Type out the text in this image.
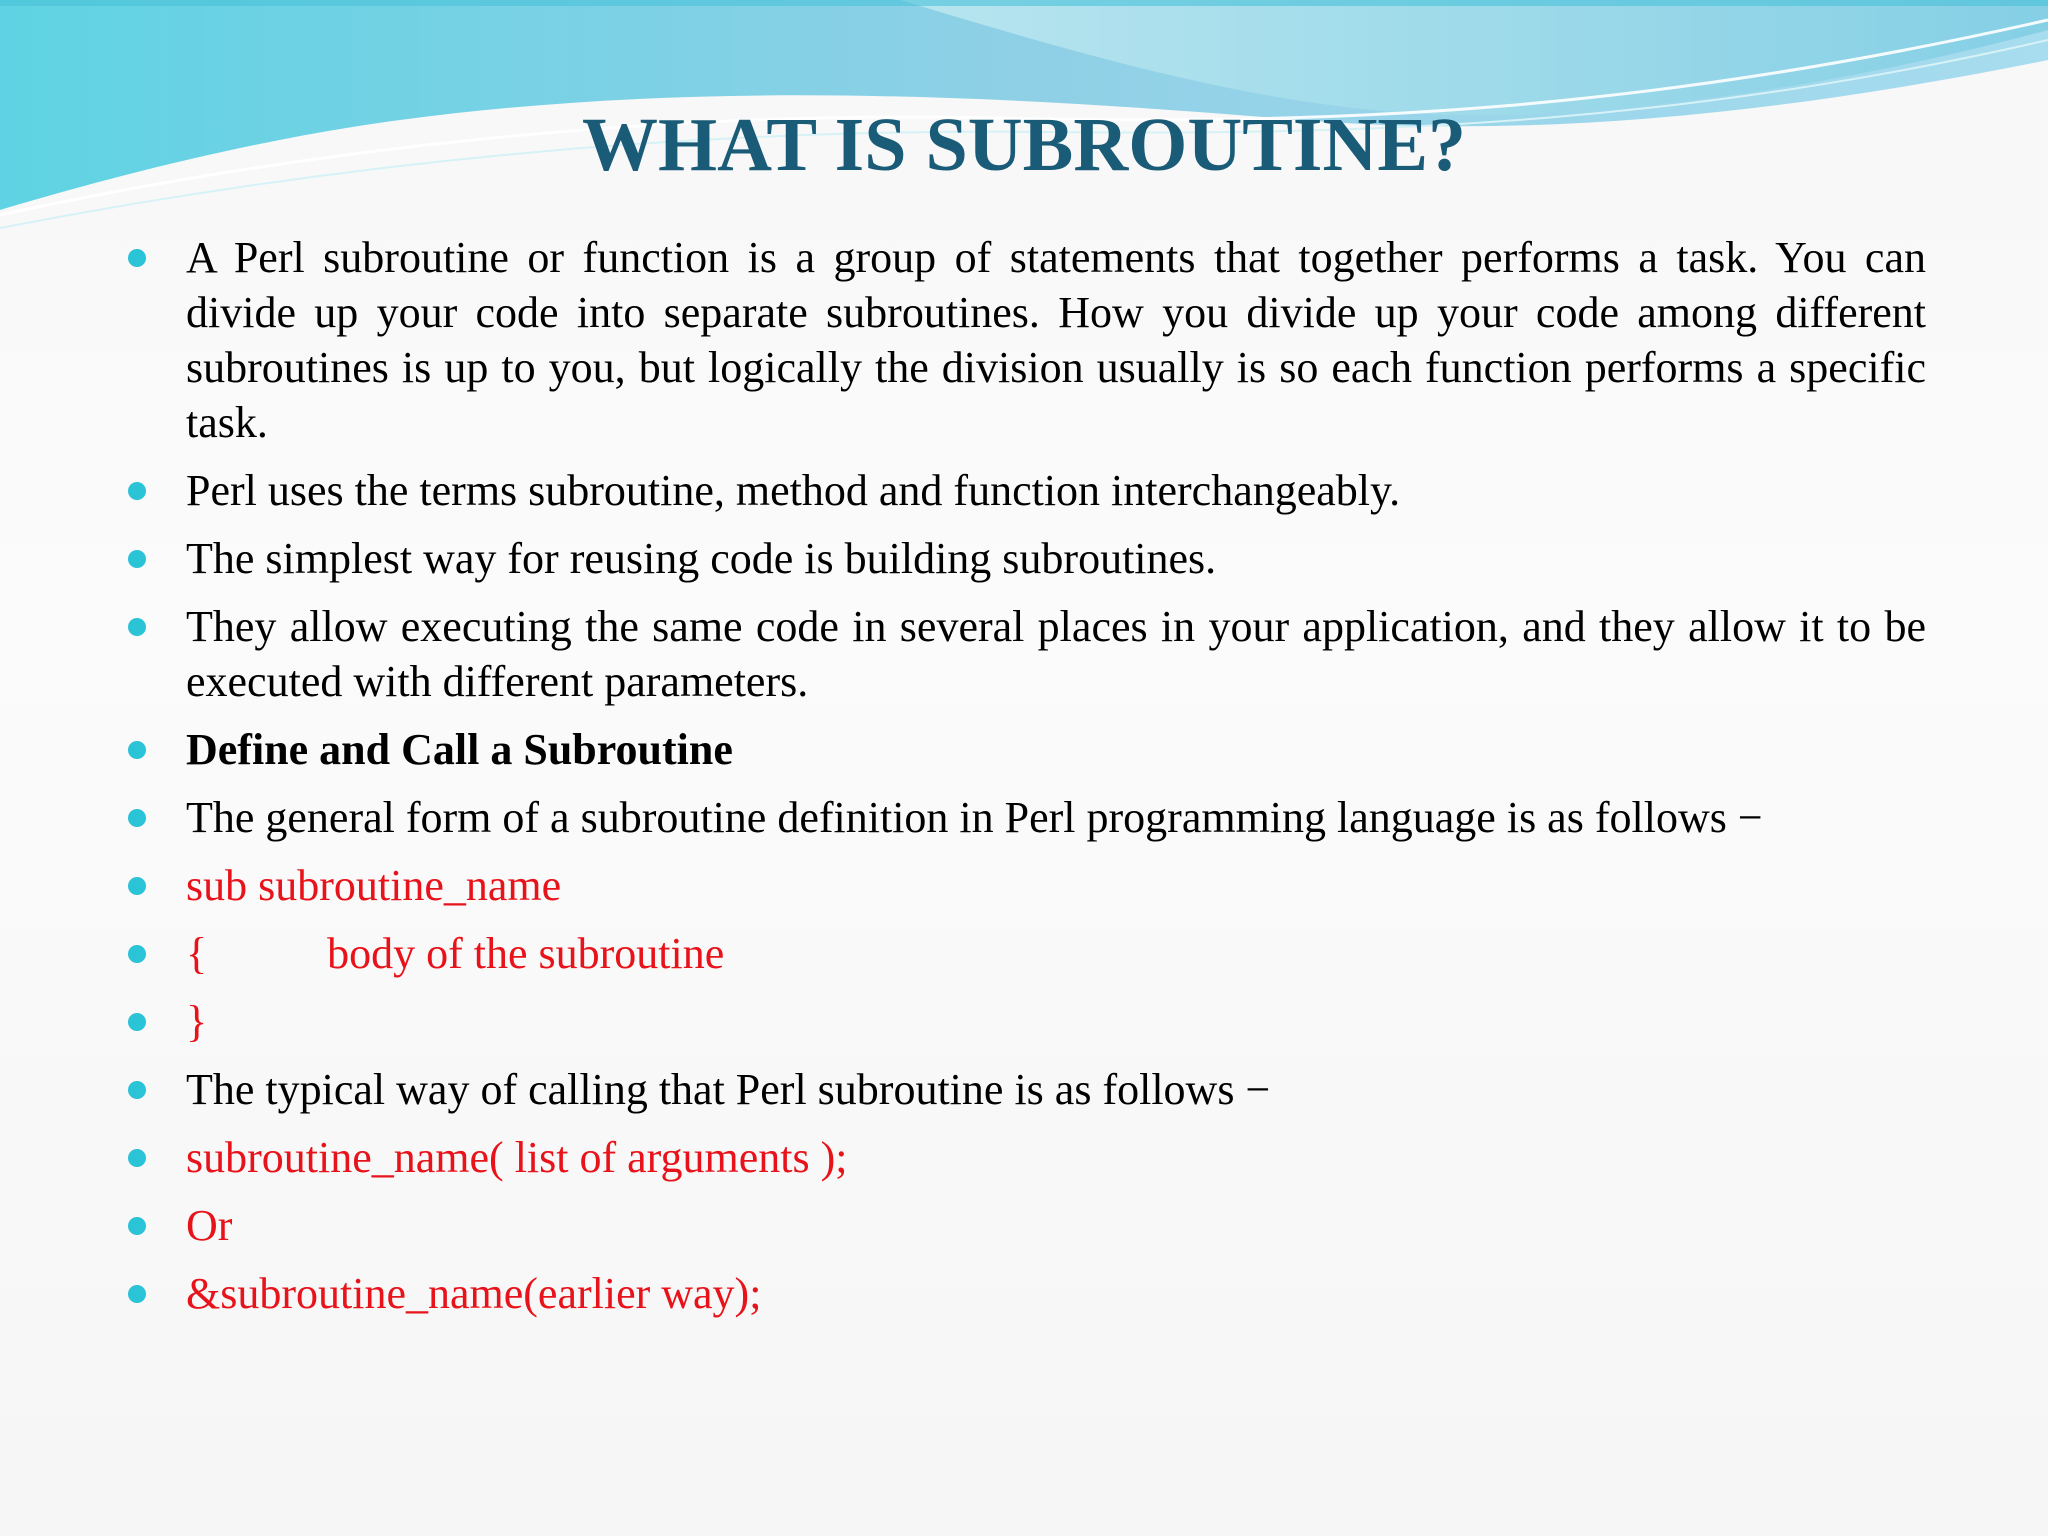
WHAT IS SUBROUTINE?
A Perl subroutine or function is a group of statements that together performs a task. You can divide up your code into separate subroutines. How you divide up your code among different subroutines is up to you, but logically the division usually is so each function performs a specific task.
Perl uses the terms subroutine, method and function interchangeably.
The simplest way for reusing code is building subroutines.
They allow executing the same code in several places in your application, and they allow it to be executed with different parameters.
Define and Call a Subroutine
The general form of a subroutine definition in Perl programming language is as follows −
sub subroutine_name
{	body of the subroutine
}
The typical way of calling that Perl subroutine is as follows −
subroutine_name( list of arguments );
Or
&subroutine_name(earlier way);
